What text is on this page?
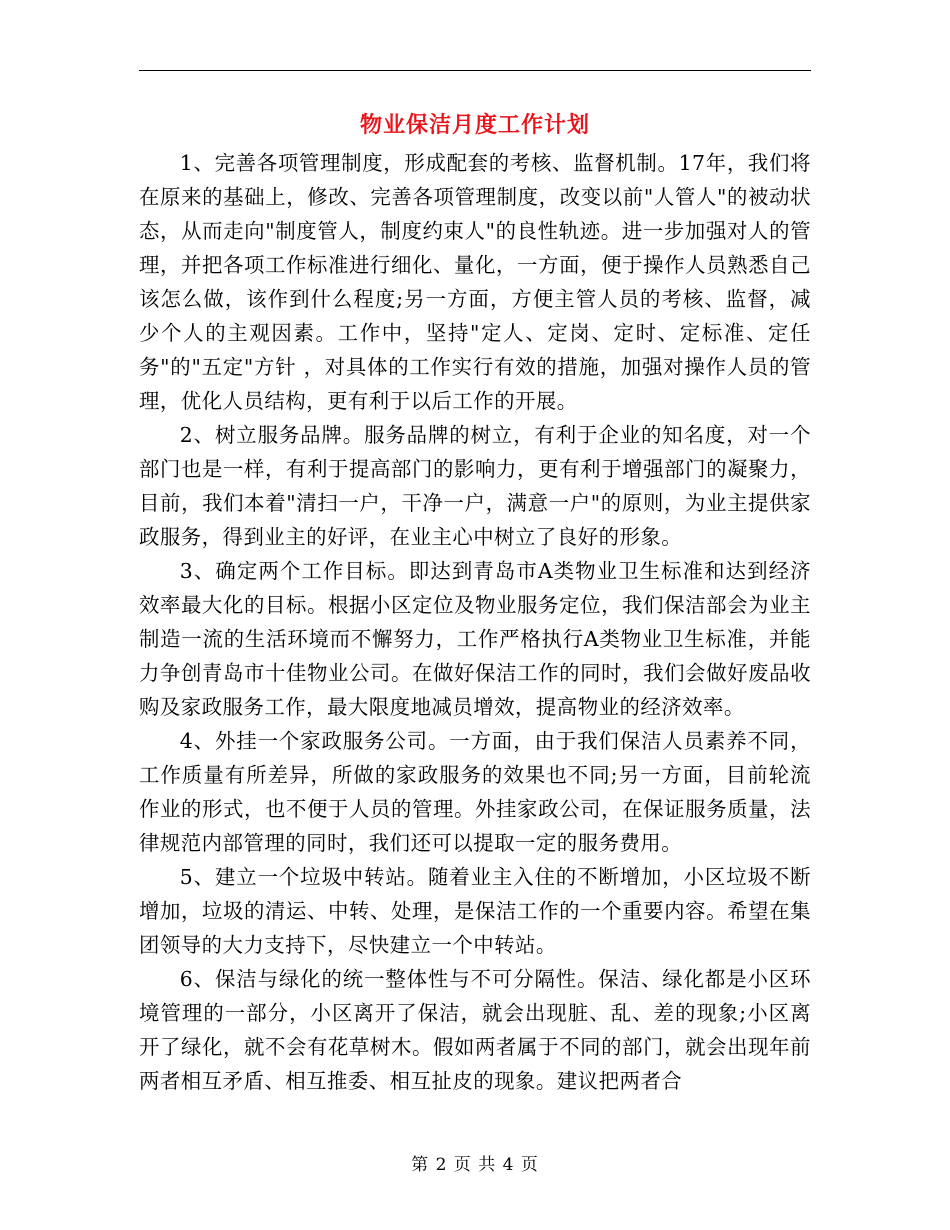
物业保洁月度工作计划

1、完善各项管理制度，形成配套的考核、监督机制。17年，我们将在原来的基础上，修改、完善各项管理制度，改变以前"人管人"的被动状态，从而走向"制度管人，制度约束人"的良性轨迹。进一步加强对人的管理，并把各项工作标准进行细化、量化，一方面，便于操作人员熟悉自己该怎么做，该作到什么程度;另一方面，方便主管人员的考核、监督，减少个人的主观因素。工作中，坚持"定人、定岗、定时、定标准、定任务"的"五定"方针 ，对具体的工作实行有效的措施，加强对操作人员的管理，优化人员结构，更有利于以后工作的开展。

2、树立服务品牌。服务品牌的树立，有利于企业的知名度，对一个部门也是一样，有利于提高部门的影响力，更有利于增强部门的凝聚力，目前，我们本着"清扫一户，干净一户，满意一户"的原则，为业主提供家政服务，得到业主的好评，在业主心中树立了良好的形象。

3、确定两个工作目标。即达到青岛市A类物业卫生标准和达到经济效率最大化的目标。根据小区定位及物业服务定位，我们保洁部会为业主制造一流的生活环境而不懈努力，工作严格执行A类物业卫生标准，并能力争创青岛市十佳物业公司。在做好保洁工作的同时，我们会做好废品收购及家政服务工作，最大限度地减员增效，提高物业的经济效率。

4、外挂一个家政服务公司。一方面，由于我们保洁人员素养不同，工作质量有所差异，所做的家政服务的效果也不同;另一方面，目前轮流作业的形式，也不便于人员的管理。外挂家政公司，在保证服务质量，法律规范内部管理的同时，我们还可以提取一定的服务费用。

5、建立一个垃圾中转站。随着业主入住的不断增加，小区垃圾不断增加，垃圾的清运、中转、处理，是保洁工作的一个重要内容。希望在集团领导的大力支持下，尽快建立一个中转站。

6、保洁与绿化的统一整体性与不可分隔性。保洁、绿化都是小区环境管理的一部分，小区离开了保洁，就会出现脏、乱、差的现象;小区离开了绿化，就不会有花草树木。假如两者属于不同的部门，就会出现年前两者相互矛盾、相互推委、相互扯皮的现象。建议把两者合

第 2 页 共 4 页
